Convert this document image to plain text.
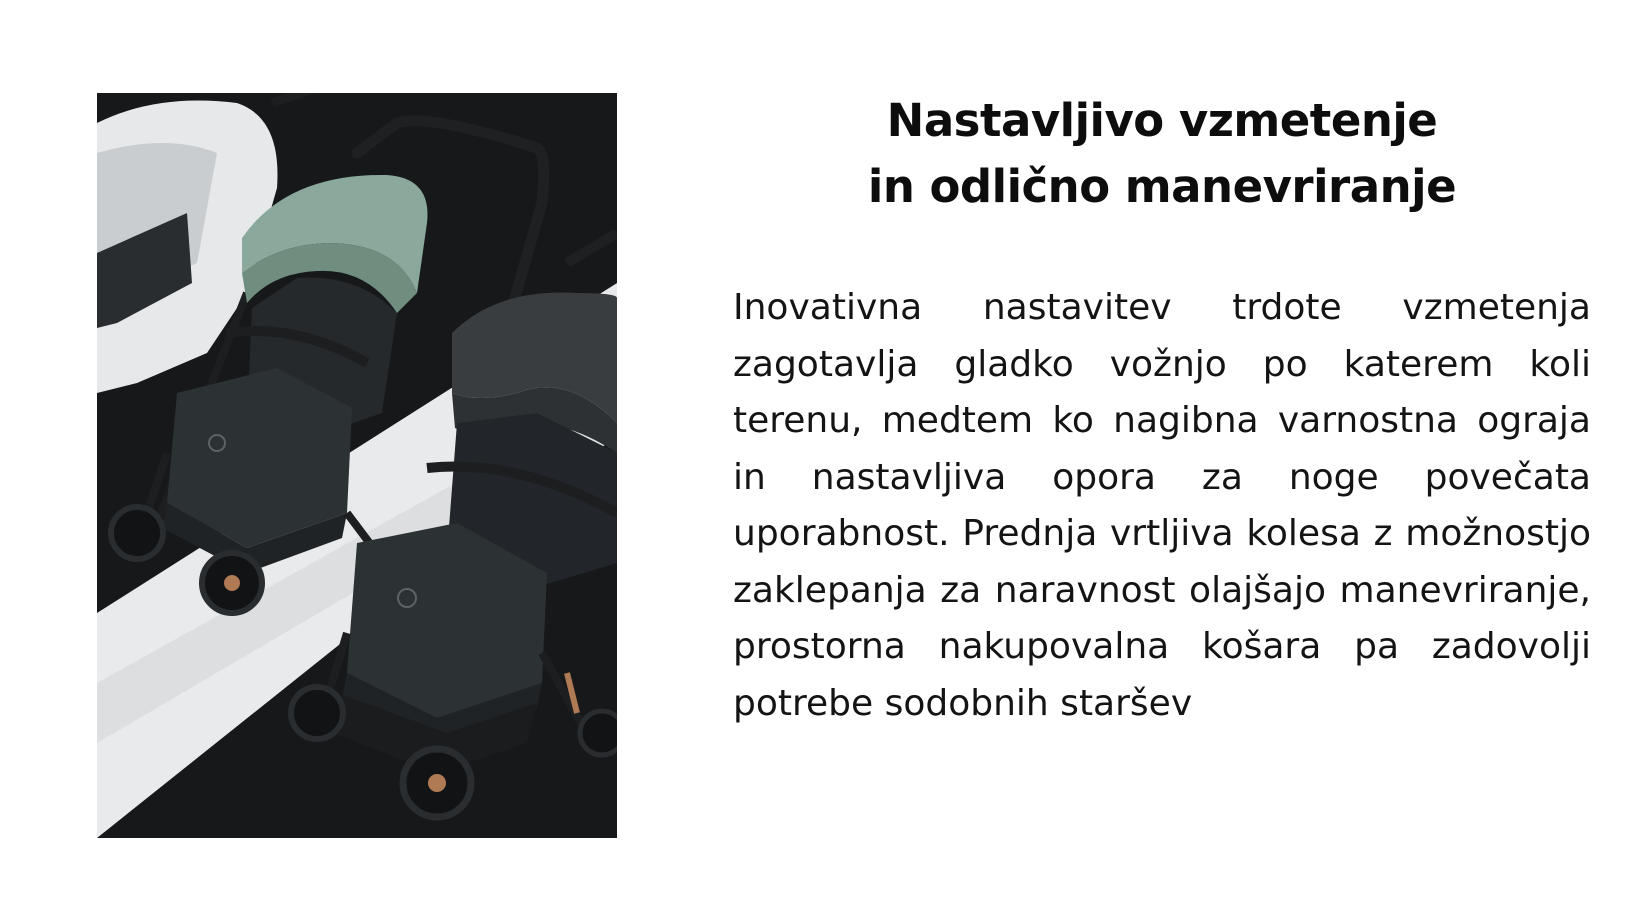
Nastavljivo vzmetenje
in odlično manevriranje

Inovativna nastavitev trdote vzmetenja zagotavlja gladko vožnjo po katerem koli terenu, medtem ko nagibna varnostna ograja in nastavljiva opora za noge povečata uporabnost. Prednja vrtljiva kolesa z možnostjo zaklepanja za naravnost olajšajo manevriranje, prostorna nakupovalna košara pa zadovolji potrebe sodobnih staršev
